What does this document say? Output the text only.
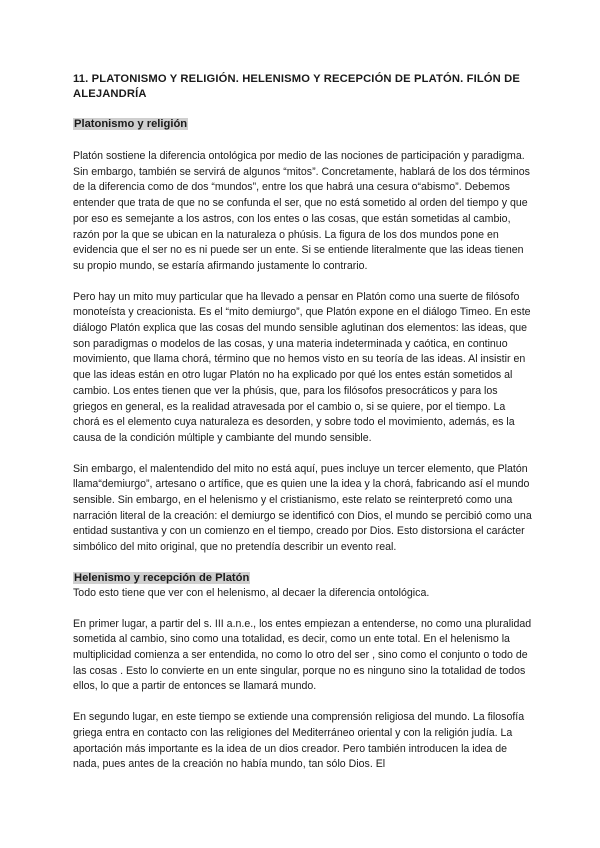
11. PLATONISMO Y RELIGIÓN. HELENISMO Y RECEPCIÓN DE PLATÓN. FILÓN DE ALEJANDRÍA
Platonismo y religión

Platón sostiene la diferencia ontológica por medio de las nociones de participación y paradigma. Sin embargo, también se servirá de algunos “mitos”. Concretamente, hablará de los dos términos de la diferencia como de dos “mundos”, entre los que habrá una cesura o“abismo”. Debemos entender que trata de que no se confunda el ser, que no está sometido al orden del tiempo y que por eso es semejante a los astros, con los entes o las cosas, que están sometidas al cambio, razón por la que se ubican en la naturaleza o phúsis. La figura de los dos mundos pone en evidencia que el ser no es ni puede ser un ente. Si se entiende literalmente que las ideas tienen su propio mundo, se estaría afirmando justamente lo contrario.

Pero hay un mito muy particular que ha llevado a pensar en Platón como una suerte de filósofo monoteísta y creacionista. Es el “mito demiurgo”, que Platón expone en el diálogo Timeo. En este diálogo Platón explica que las cosas del mundo sensible aglutinan dos elementos: las ideas, que son paradigmas o modelos de las cosas, y una materia indeterminada y caótica, en continuo movimiento, que llama chorá, término que no hemos visto en su teoría de las ideas. Al insistir en que las ideas están en otro lugar Platón no ha explicado por qué los entes están sometidos al cambio. Los entes tienen que ver la phúsis, que, para los filósofos presocráticos y para los griegos en general, es la realidad atravesada por el cambio o, si se quiere, por el tiempo. La chorá es el elemento cuya naturaleza es desorden, y sobre todo el movimiento, además, es la causa de la condición múltiple y cambiante del mundo sensible.

Sin embargo, el malentendido del mito no está aquí, pues incluye un tercer elemento, que Platón llama“demiurgo”, artesano o artífice, que es quien une la idea y la chorá, fabricando así el mundo sensible. Sin embargo, en el helenismo y el cristianismo, este relato se reinterpretó como una narración literal de la creación: el demiurgo se identificó con Dios, el mundo se percibió como una entidad sustantiva y con un comienzo en el tiempo, creado por Dios. Esto distorsiona el carácter simbólico del mito original, que no pretendía describir un evento real.

Helenismo y recepción de Platón

Todo esto tiene que ver con el helenismo, al decaer la diferencia ontológica.

En primer lugar, a partir del s. III a.n.e., los entes empiezan a entenderse, no como una pluralidad sometida al cambio, sino como una totalidad, es decir, como un ente total. En el helenismo la multiplicidad comienza a ser entendida, no como lo otro del ser , sino como el conjunto o todo de las cosas . Esto lo convierte en un ente singular, porque no es ninguno sino la totalidad de todos ellos, lo que a partir de entonces se llamará mundo.

En segundo lugar, en este tiempo se extiende una comprensión religiosa del mundo. La filosofía griega entra en contacto con las religiones del Mediterráneo oriental y con la religión judía. La aportación más importante es la idea de un dios creador. Pero también introducen la idea de nada, pues antes de la creación no había mundo, tan sólo Dios. El
